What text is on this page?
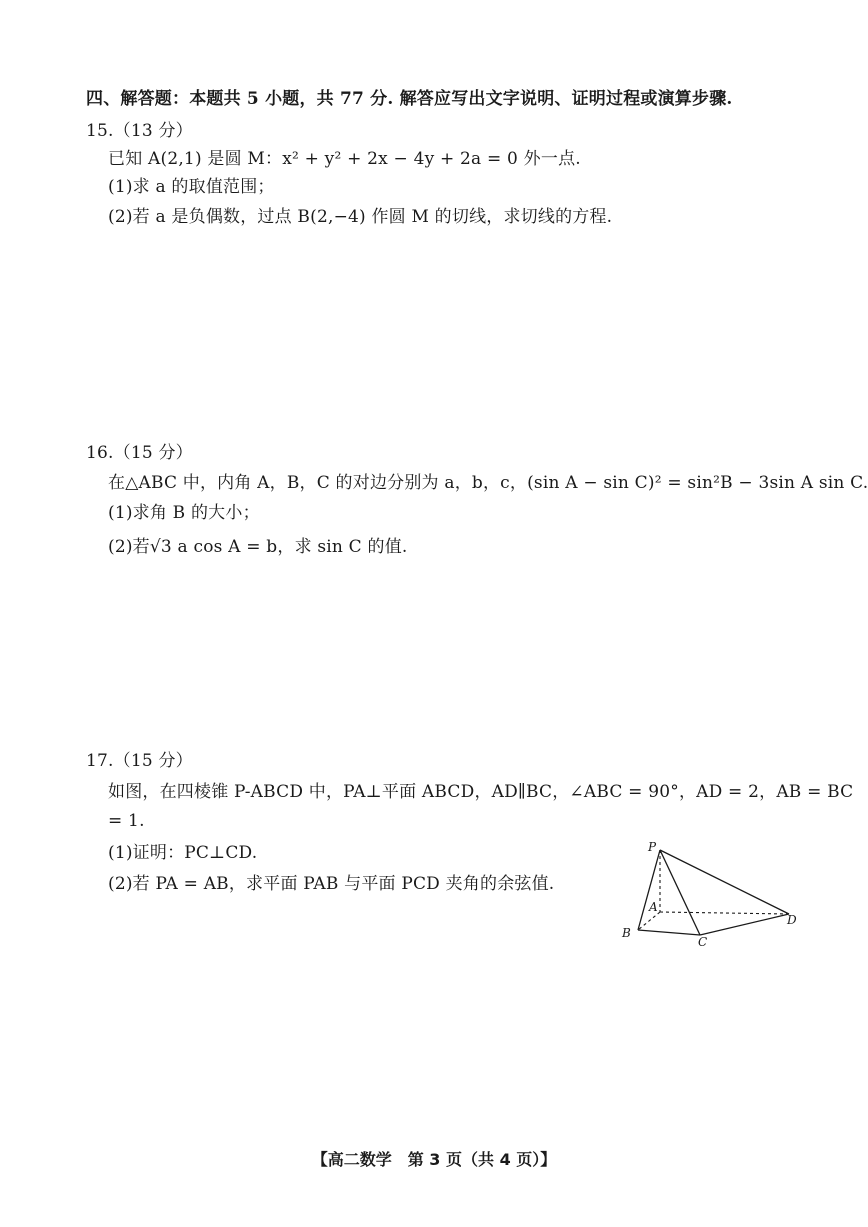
四、解答题：本题共 5 小题，共 77 分. 解答应写出文字说明、证明过程或演算步骤.
15.（13 分）
已知 A(2,1) 是圆 M：x² + y² + 2x − 4y + 2a = 0 外一点.
(1)求 a 的取值范围；
(2)若 a 是负偶数，过点 B(2,−4) 作圆 M 的切线，求切线的方程.
16.（15 分）
在△ABC 中，内角 A，B，C 的对边分别为 a，b，c，(sin A − sin C)² = sin²B − 3sin A sin C.
(1)求角 B 的大小；
(2)若√3 a cos A = b，求 sin C 的值.
17.（15 分）
如图，在四棱锥 P-ABCD 中，PA⊥平面 ABCD，AD∥BC，∠ABC = 90°，AD = 2，AB = BC
= 1.
(1)证明：PC⊥CD.
(2)若 PA = AB，求平面 PAB 与平面 PCD 夹角的余弦值.
P
A
B
C
D
【高二数学　第 3 页（共 4 页）】
